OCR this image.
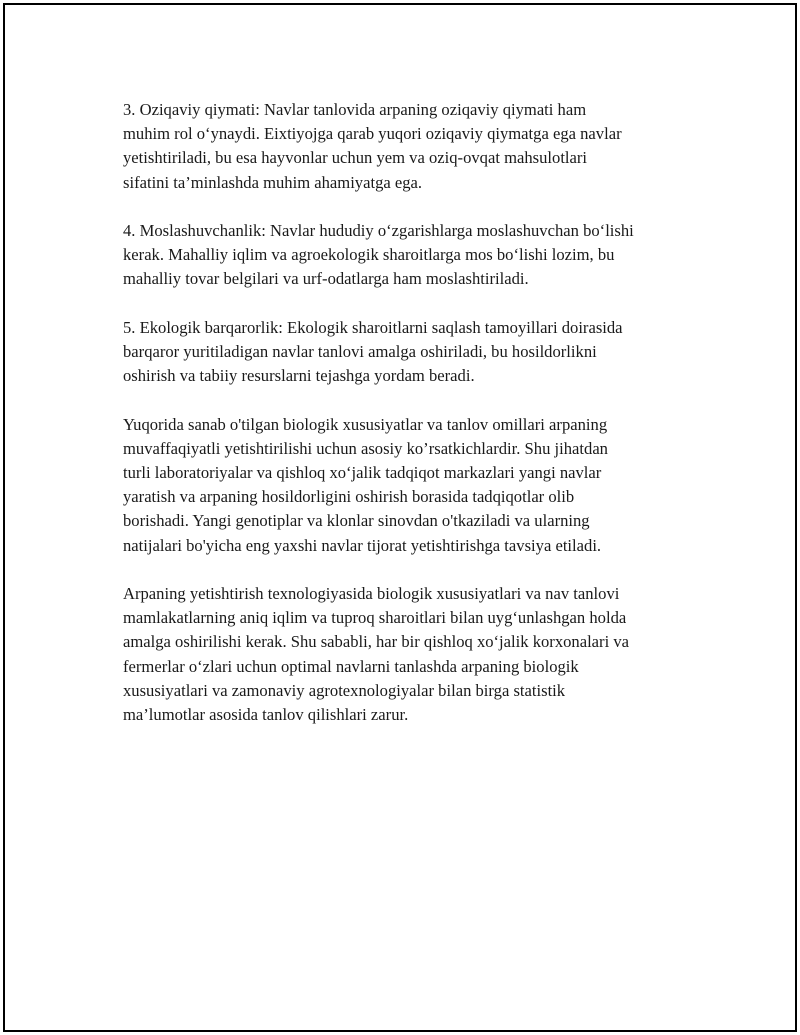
3. Oziqaviy qiymati: Navlar tanlovida arpaning oziqaviy qiymati ham
muhim rol o‘ynaydi. Eixtiyojga qarab yuqori oziqaviy qiymatga ega navlar
yetishtiriladi, bu esa hayvonlar uchun yem va oziq-ovqat mahsulotlari
sifatini ta’minlashda muhim ahamiyatga ega.

4. Moslashuvchanlik: Navlar hududiy o‘zgarishlarga moslashuvchan bo‘lishi
kerak. Mahalliy iqlim va agroekologik sharoitlarga mos bo‘lishi lozim, bu
mahalliy tovar belgilari va urf-odatlarga ham moslashtiriladi.

5. Ekologik barqarorlik: Ekologik sharoitlarni saqlash tamoyillari doirasida
barqaror yuritiladigan navlar tanlovi amalga oshiriladi, bu hosildorlikni
oshirish va tabiiy resurslarni tejashga yordam beradi.

Yuqorida sanab o'tilgan biologik xususiyatlar va tanlov omillari arpaning
muvaffaqiyatli yetishtirilishi uchun asosiy ko’rsatkichlardir. Shu jihatdan
turli laboratoriyalar va qishloq xo‘jalik tadqiqot markazlari yangi navlar
yaratish va arpaning hosildorligini oshirish borasida tadqiqotlar olib
borishadi. Yangi genotiplar va klonlar sinovdan o'tkaziladi va ularning
natijalari bo'yicha eng yaxshi navlar tijorat yetishtirishga tavsiya etiladi.

Arpaning yetishtirish texnologiyasida biologik xususiyatlari va nav tanlovi
mamlakatlarning aniq iqlim va tuproq sharoitlari bilan uyg‘unlashgan holda
amalga oshirilishi kerak. Shu sababli, har bir qishloq xo‘jalik korxonalari va
fermerlar o‘zlari uchun optimal navlarni tanlashda arpaning biologik
xususiyatlari va zamonaviy agrotexnologiyalar bilan birga statistik
ma’lumotlar asosida tanlov qilishlari zarur.
